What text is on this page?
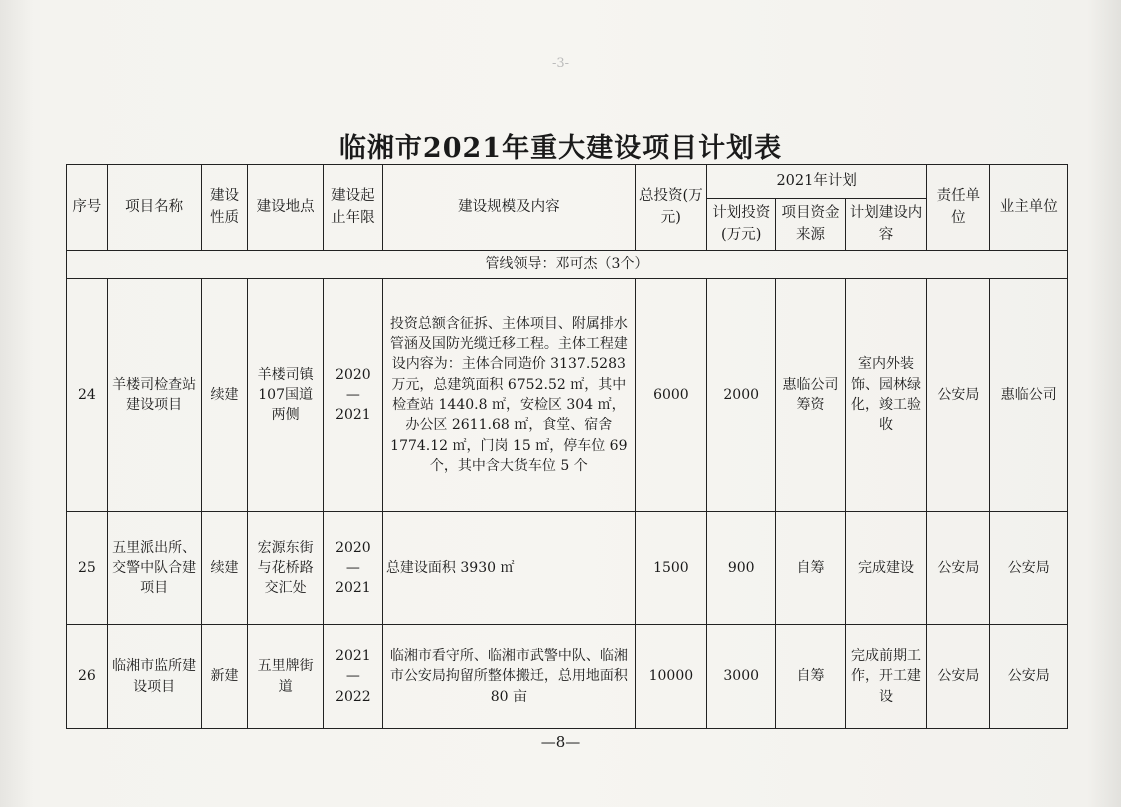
-3-
临湘市2021年重大建设项目计划表
序号	项目名称	建设性质	建设地点	建设起止年限	建设规模及内容	总投资(万元)	2021年计划			责任单位	业主单位
							计划投资(万元)	项目资金来源	计划建设内容		
管线领导：邓可杰（3个）											
24	羊楼司检查站建设项目	续建	羊楼司镇107国道两侧	2020
—
2021	投资总额含征拆、主体项目、附属排水管涵及国防光缆迁移工程。主体工程建设内容为：主体合同造价 3137.5283 万元，总建筑面积 6752.52 ㎡，其中检查站 1440.8 ㎡，安检区 304 ㎡，办公区 2611.68 ㎡，食堂、宿舍 1774.12 ㎡，门岗 15 ㎡，停车位 69 个，其中含大货车位 5 个	6000	2000	惠临公司筹资	室内外装饰、园林绿化，竣工验收	公安局	惠临公司
25	五里派出所、交警中队合建项目	续建	宏源东街与花桥路交汇处	2020
—
2021	总建设面积 3930 ㎡	1500	900	自筹	完成建设	公安局	公安局
26	临湘市监所建设项目	新建	五里牌街道	2021
—
2022	临湘市看守所、临湘市武警中队、临湘市公安局拘留所整体搬迁，总用地面积 80 亩	10000	3000	自筹	完成前期工作，开工建设	公安局	公安局
—8—
